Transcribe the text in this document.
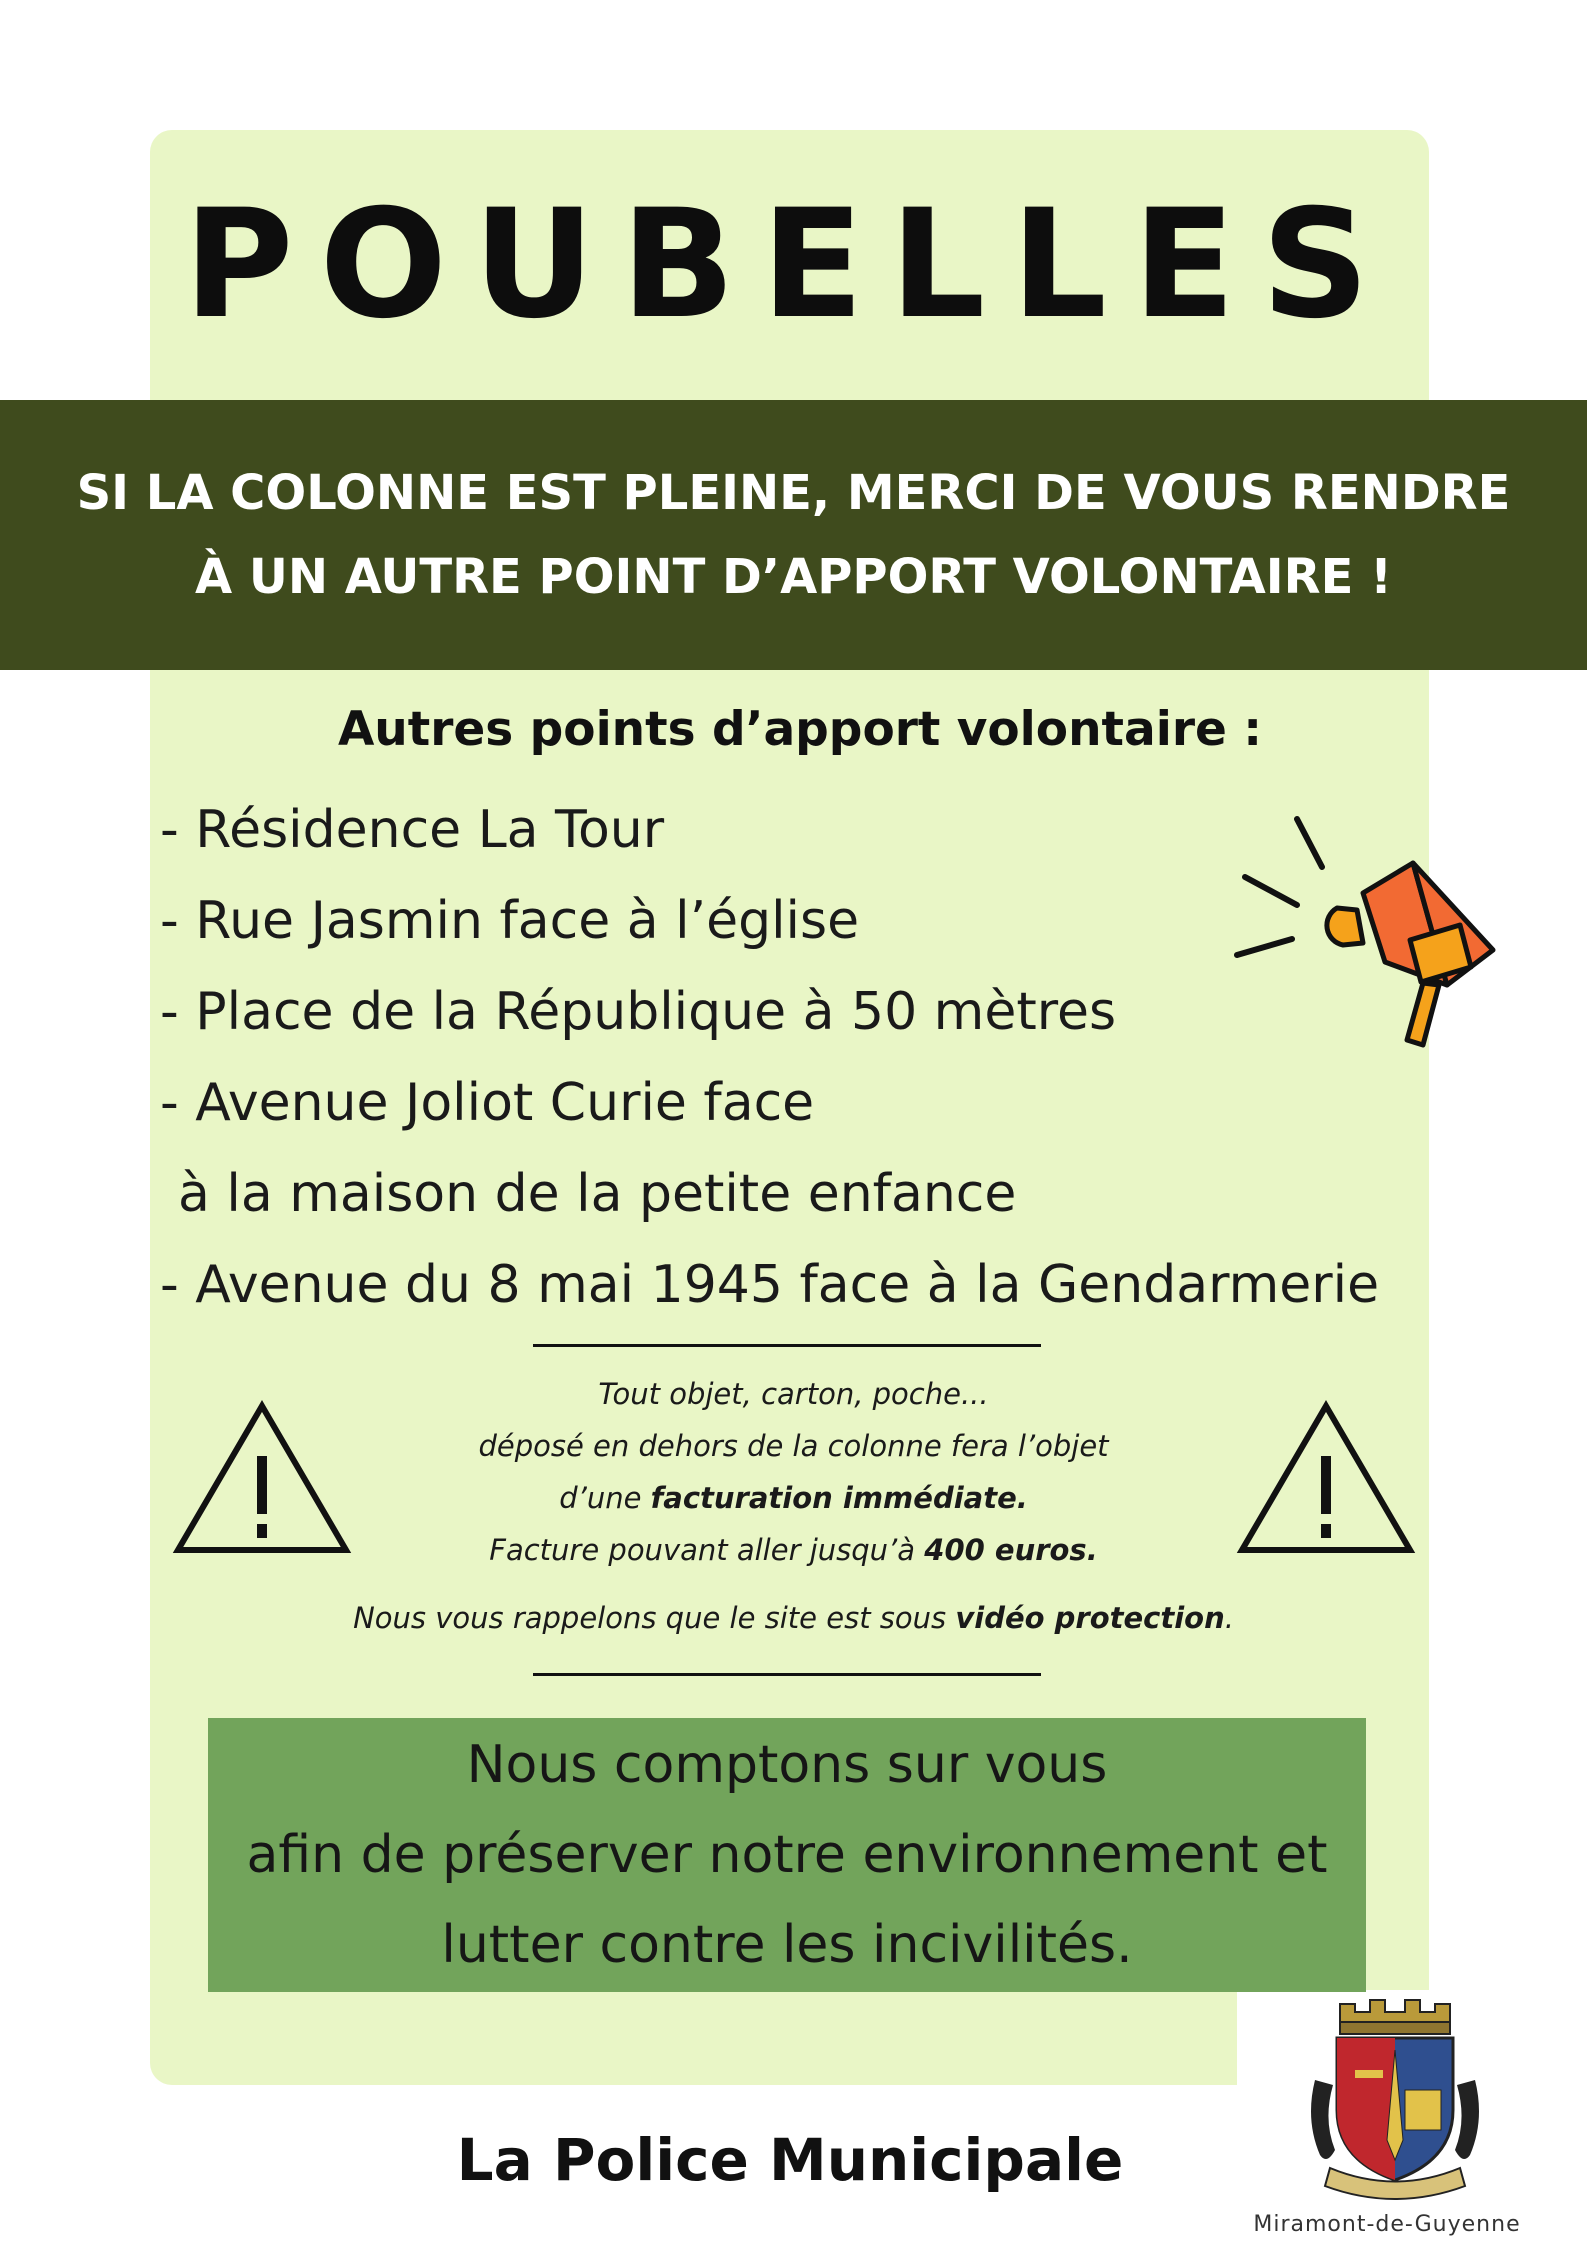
POUBELLES
SI LA COLONNE EST PLEINE, MERCI DE VOUS RENDRE
À UN AUTRE POINT D’APPORT VOLONTAIRE !
Autres points d’apport volontaire :
- Résidence La Tour
- Rue Jasmin face à l’église
- Place de la République à 50 mètres
- Avenue Joliot Curie face
à la maison de la petite enfance
- Avenue du 8 mai 1945 face à la Gendarmerie
Tout objet, carton, poche...
déposé en dehors de la colonne fera l’objet
d’une facturation immédiate.
Facture pouvant aller jusqu’à 400 euros.
Nous vous rappelons que le site est sous vidéo protection.
Nous comptons sur vous
afin de préserver notre environnement et
lutter contre les incivilités.
La Police Municipale
Miramont-de-Guyenne
